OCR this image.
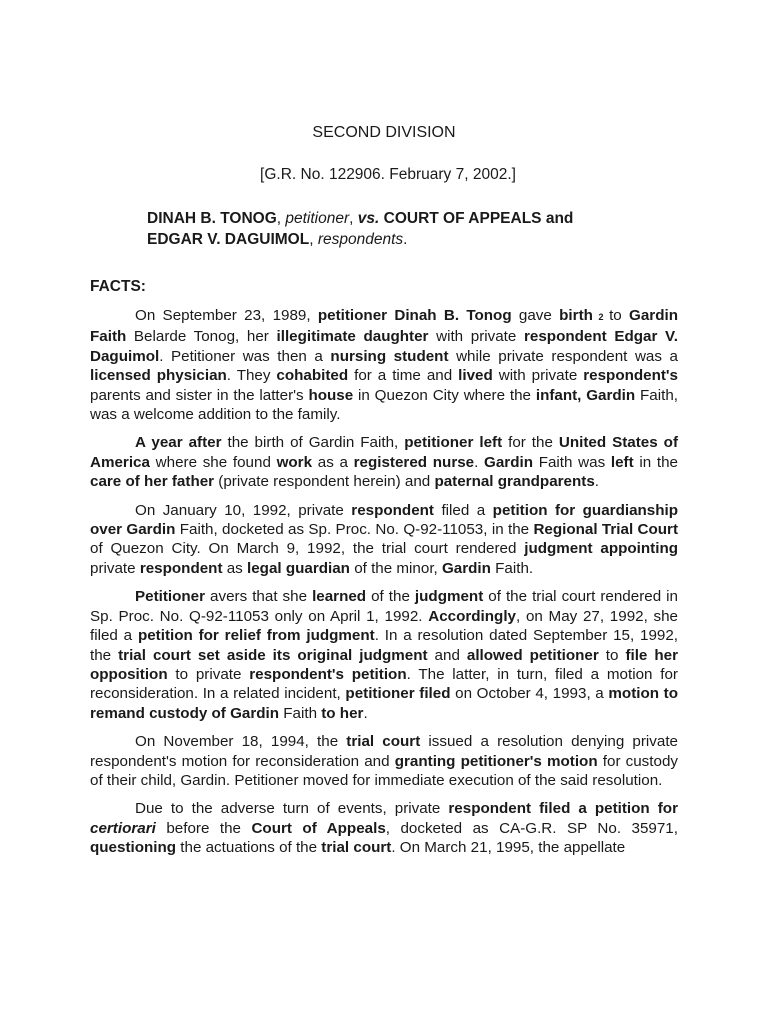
SECOND DIVISION
[G.R. No. 122906. February 7, 2002.]
DINAH B. TONOG, petitioner, vs. COURT OF APPEALS and
EDGAR V. DAGUIMOL, respondents.
FACTS:

On September 23, 1989, petitioner Dinah B. Tonog gave birth 2 to Gardin Faith Belarde Tonog, her illegitimate daughter with private respondent Edgar V. Daguimol. Petitioner was then a nursing student while private respondent was a licensed physician. They cohabited for a time and lived with private respondent's parents and sister in the latter's house in Quezon City where the infant, Gardin Faith, was a welcome addition to the family.

A year after the birth of Gardin Faith, petitioner left for the United States of America where she found work as a registered nurse. Gardin Faith was left in the care of her father (private respondent herein) and paternal grandparents.

On January 10, 1992, private respondent filed a petition for guardianship over Gardin Faith, docketed as Sp. Proc. No. Q-92-11053, in the Regional Trial Court of Quezon City. On March 9, 1992, the trial court rendered judgment appointing private respondent as legal guardian of the minor, Gardin Faith.

Petitioner avers that she learned of the judgment of the trial court rendered in Sp. Proc. No. Q-92-11053 only on April 1, 1992. Accordingly, on May 27, 1992, she filed a petition for relief from judgment. In a resolution dated September 15, 1992, the trial court set aside its original judgment and allowed petitioner to file her opposition to private respondent's petition. The latter, in turn, filed a motion for reconsideration. In a related incident, petitioner filed on October 4, 1993, a motion to remand custody of Gardin Faith to her.

On November 18, 1994, the trial court issued a resolution denying private respondent's motion for reconsideration and granting petitioner's motion for custody of their child, Gardin. Petitioner moved for immediate execution of the said resolution.

Due to the adverse turn of events, private respondent filed a petition for certiorari before the Court of Appeals, docketed as CA-G.R. SP No. 35971, questioning the actuations of the trial court. On March 21, 1995, the appellate
